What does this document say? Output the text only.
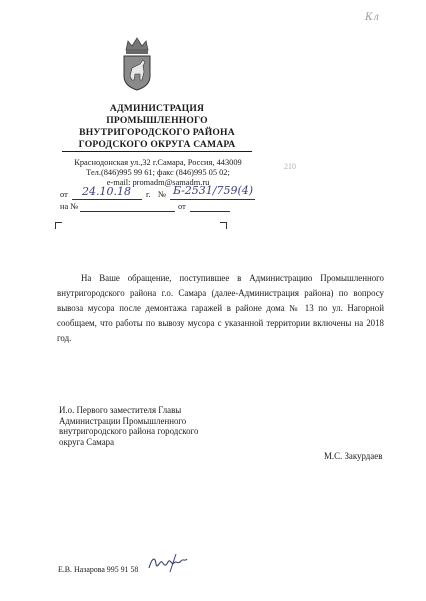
АДМИНИСТРАЦИЯ
ПРОМЫШЛЕННОГО
ВНУТРИГОРОДСКОГО РАЙОНА
ГОРОДСКОГО ОКРУГА САМАРА
Краснодонская ул.,32 г.Самара, Россия, 443009
Тел.(846)995 99 61; факс (846)995 05 02;
e-mail: promadm@samadm.ru
от 24.10.18 г. № Б-2531/759(4)
на №	от
Кл
210
На Ваше обращение, поступившее в Администрацию Промышленного внутригородского района г.о. Самара (далее-Администрация района) по вопросу вывоза мусора после демонтажа гаражей в районе дома № 13 по ул. Нагорной сообщаем, что работы по вывозу мусора с указанной территории включены на 2018 год.
И.о. Первого заместителя Главы
Администрации Промышленного
внутригородского района городского
округа Самара
М.С. Закурдаев
Е.В. Назарова 995 91 58
